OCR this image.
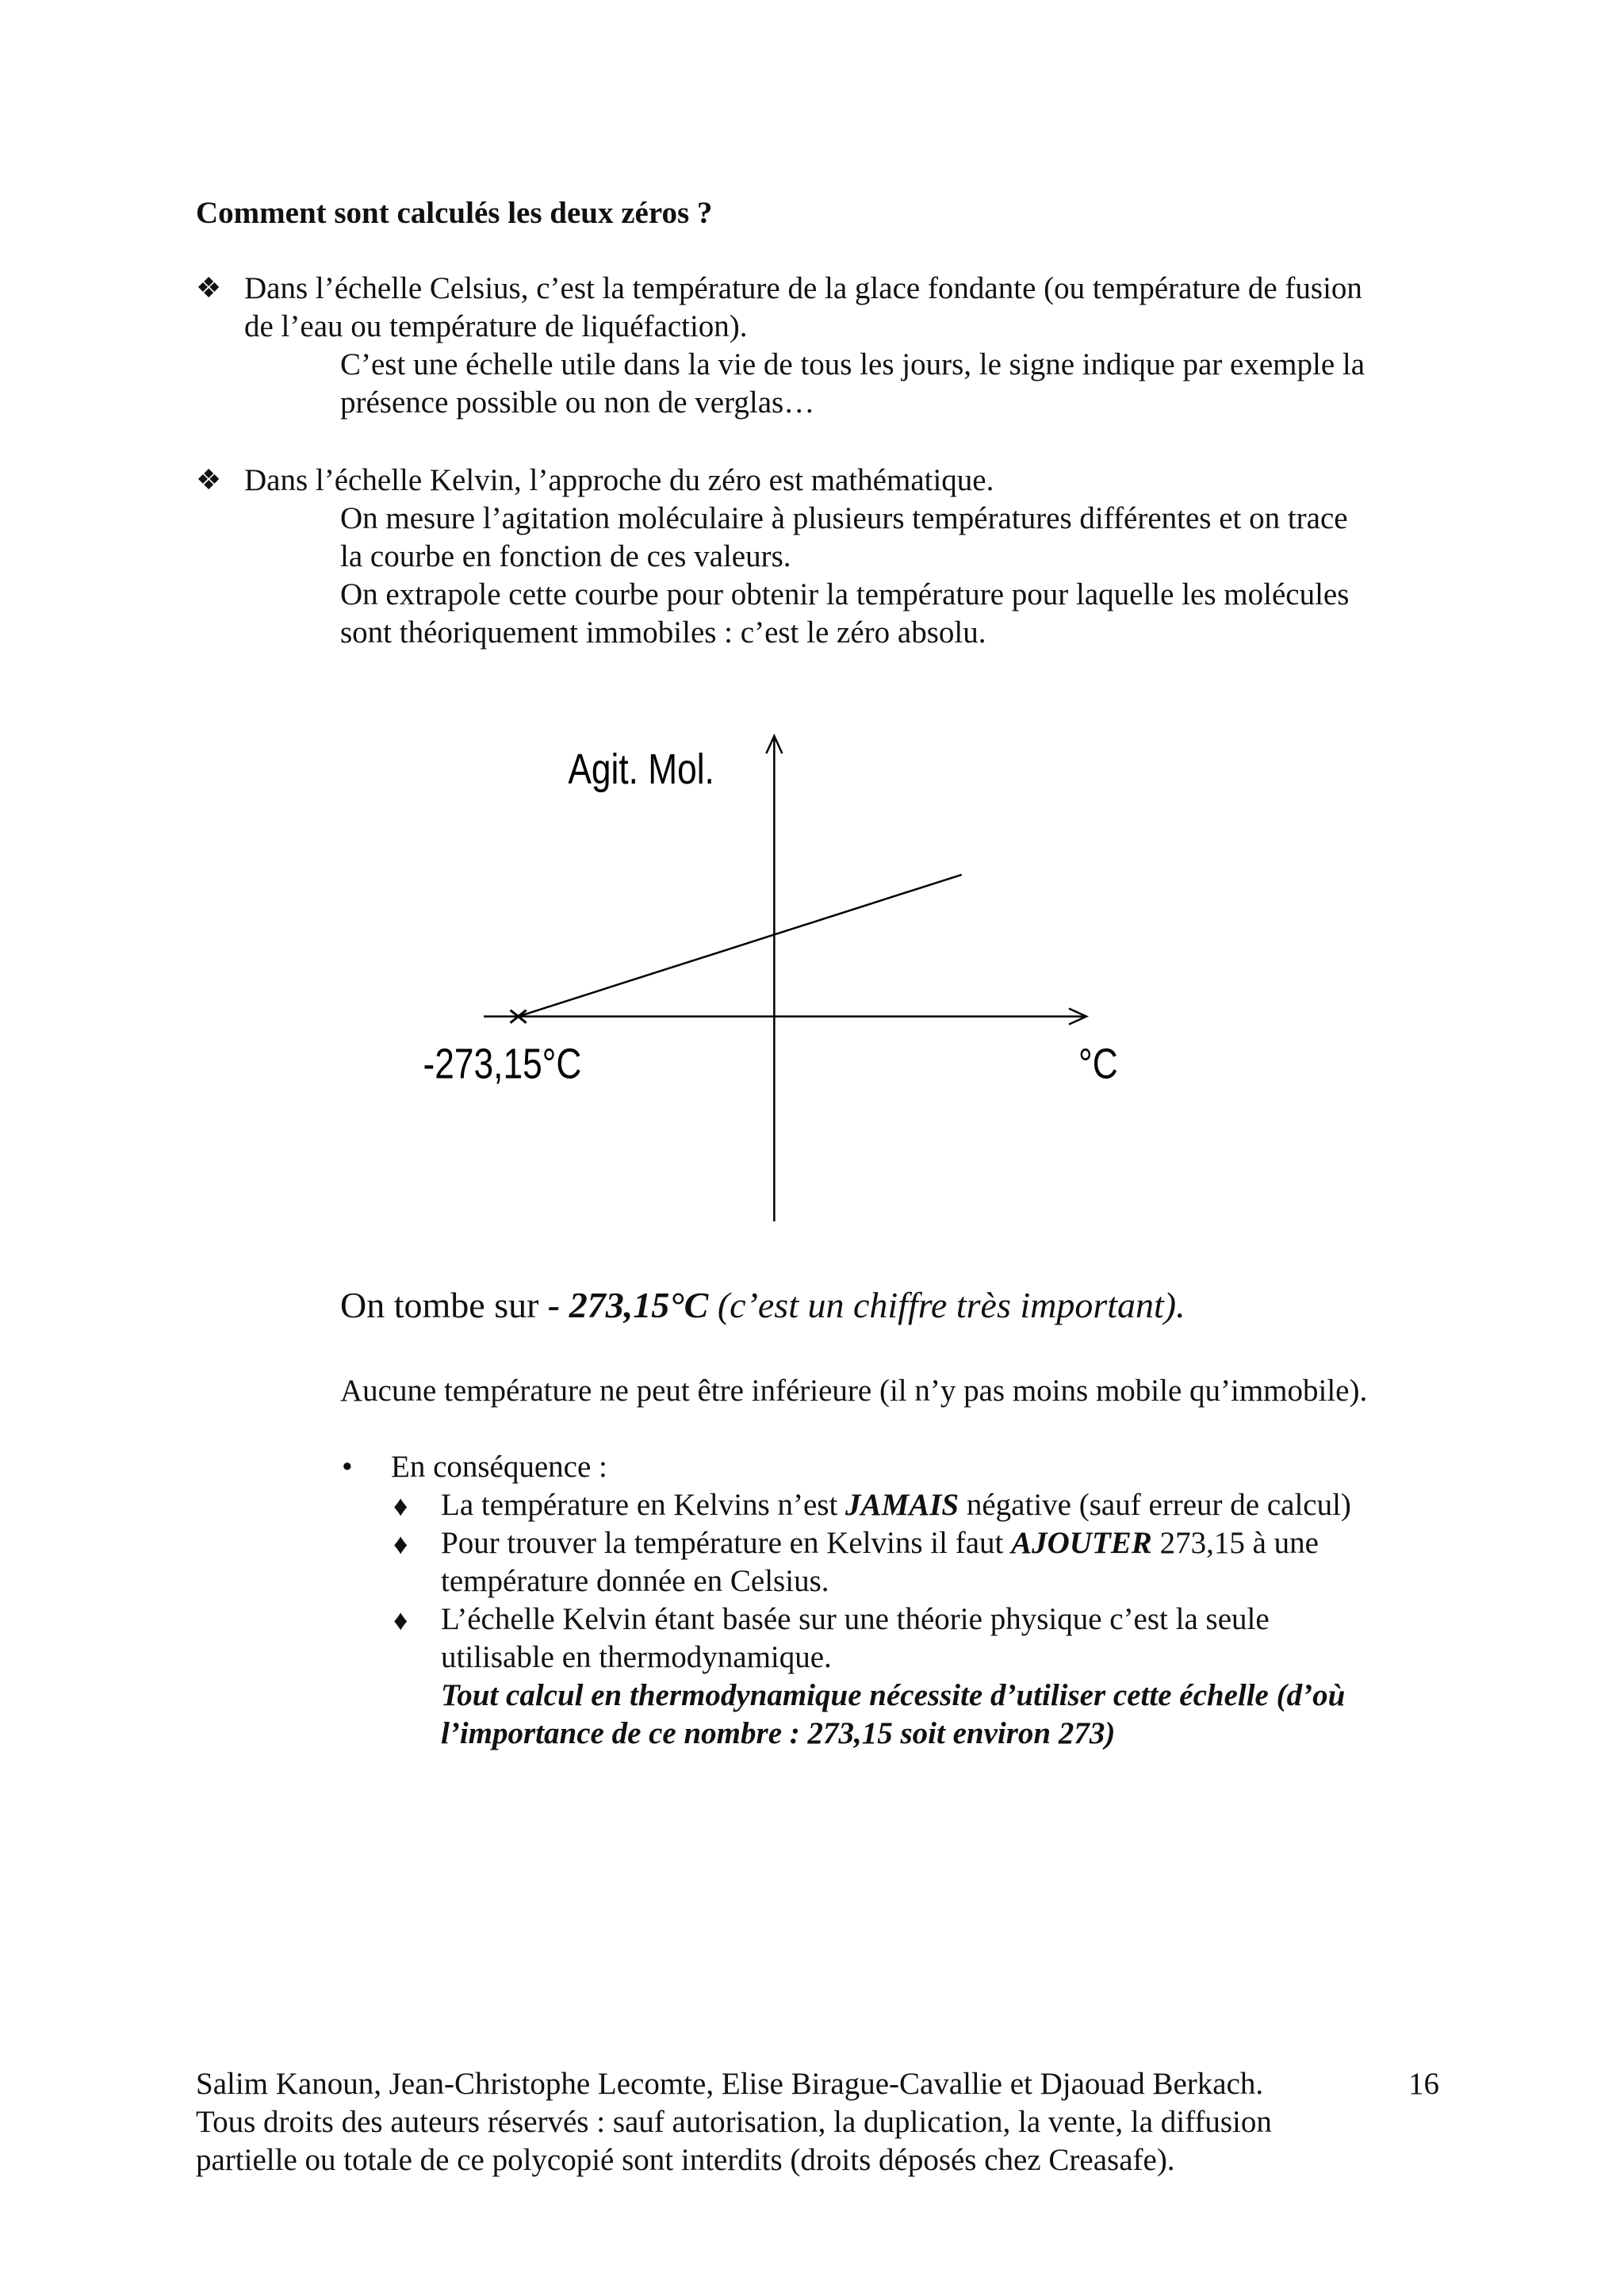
Comment sont calculés les deux zéros ?
❖ Dans l’échelle Celsius, c’est la température de la glace fondante (ou température de fusion
de l’eau ou température de liquéfaction).
C’est une échelle utile dans la vie de tous les jours, le signe indique par exemple la
présence possible ou non de verglas…
❖ Dans l’échelle Kelvin, l’approche du zéro est mathématique.
On mesure l’agitation moléculaire à plusieurs températures différentes et on trace
la courbe en fonction de ces valeurs.
On extrapole cette courbe pour obtenir la température pour laquelle les molécules
sont théoriquement immobiles : c’est le zéro absolu.
Agit. Mol.
°C
-273,15°C
On tombe sur - 273,15°C (c’est un chiffre très important).
Aucune température ne peut être inférieure (il n’y pas moins mobile qu’immobile).
• En conséquence :
♦ La température en Kelvins n’est JAMAIS négative (sauf erreur de calcul)
♦ Pour trouver la température en Kelvins il faut AJOUTER 273,15 à une
température donnée en Celsius.
♦ L’échelle Kelvin étant basée sur une théorie physique c’est la seule
utilisable en thermodynamique.
Tout calcul en thermodynamique nécessite d’utiliser cette échelle (d’où
l’importance de ce nombre : 273,15 soit environ 273)
Salim Kanoun, Jean-Christophe Lecomte, Elise Birague-Cavallie et Djaouad Berkach.	16
Tous droits des auteurs réservés : sauf autorisation, la duplication, la vente, la diffusion
partielle ou totale de ce polycopié sont interdits (droits déposés chez Creasafe).
